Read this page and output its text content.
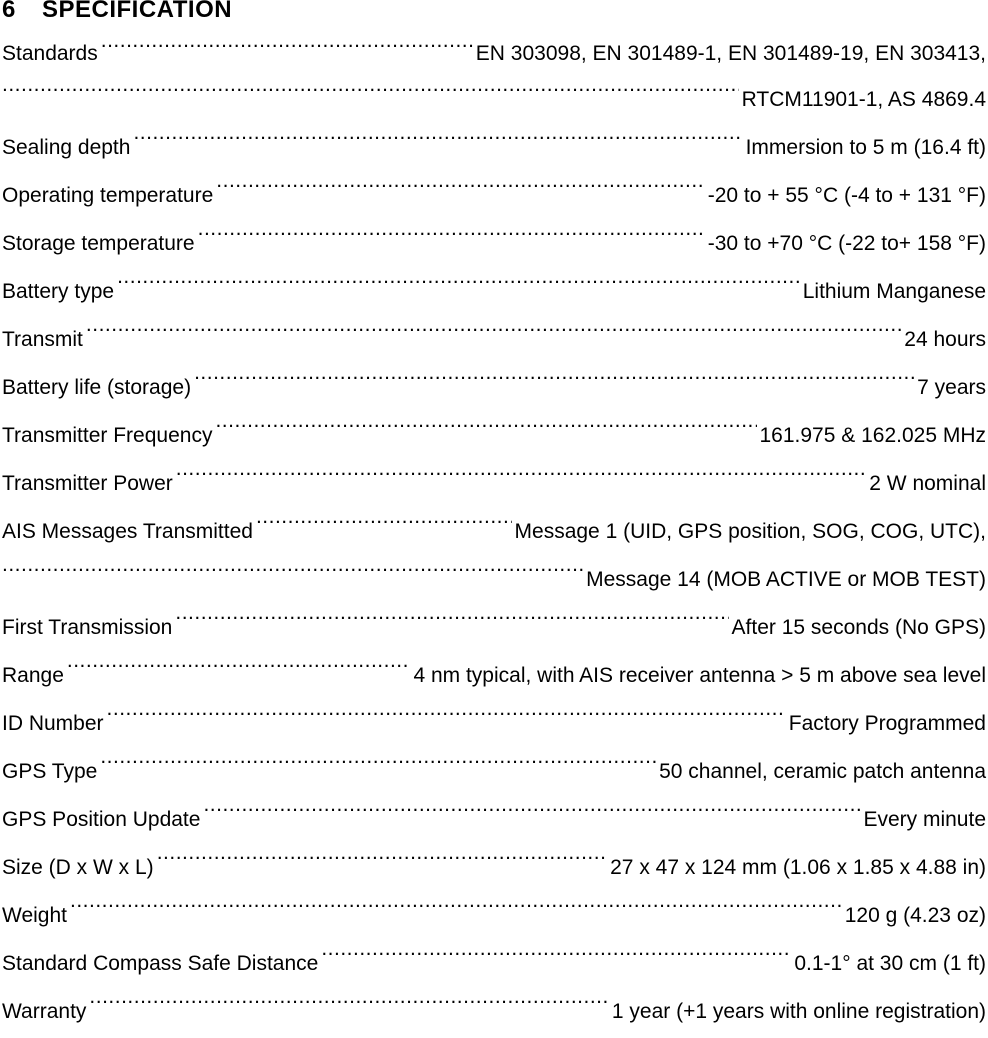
6	SPECIFICATION
Standards .....	EN 303098, EN 301489-1, EN 301489-19, EN 303413,
.....
RTCM11901-1, AS 4869.4
Sealing depth .....	Immersion to 5 m (16.4 ft)
Operating temperature .....	-20 to + 55 °C (-4 to + 131 °F)
Storage temperature .....	-30 to +70 °C (-22 to+ 158 °F)
Battery type .....	Lithium Manganese
Transmit .....	24 hours
Battery life (storage) .....	7 years
Transmitter Frequency .....	161.975 & 162.025 MHz
Transmitter Power .....	2 W nominal
AIS Messages Transmitted .....	Message 1 (UID, GPS position, SOG, COG, UTC),
.....
Message 14 (MOB ACTIVE or MOB TEST)
First Transmission .....	After 15 seconds (No GPS)
Range .....	4 nm typical, with AIS receiver antenna > 5 m above sea level
ID Number .....	Factory Programmed
GPS Type .....	50 channel, ceramic patch antenna
GPS Position Update .....	Every minute
Size (D x W x L) .....	27 x 47 x 124 mm (1.06 x 1.85 x 4.88 in)
Weight .....	120 g (4.23 oz)
Standard Compass Safe Distance .....	0.1-1° at 30 cm (1 ft)
Warranty .....	1 year (+1 years with online registration)
